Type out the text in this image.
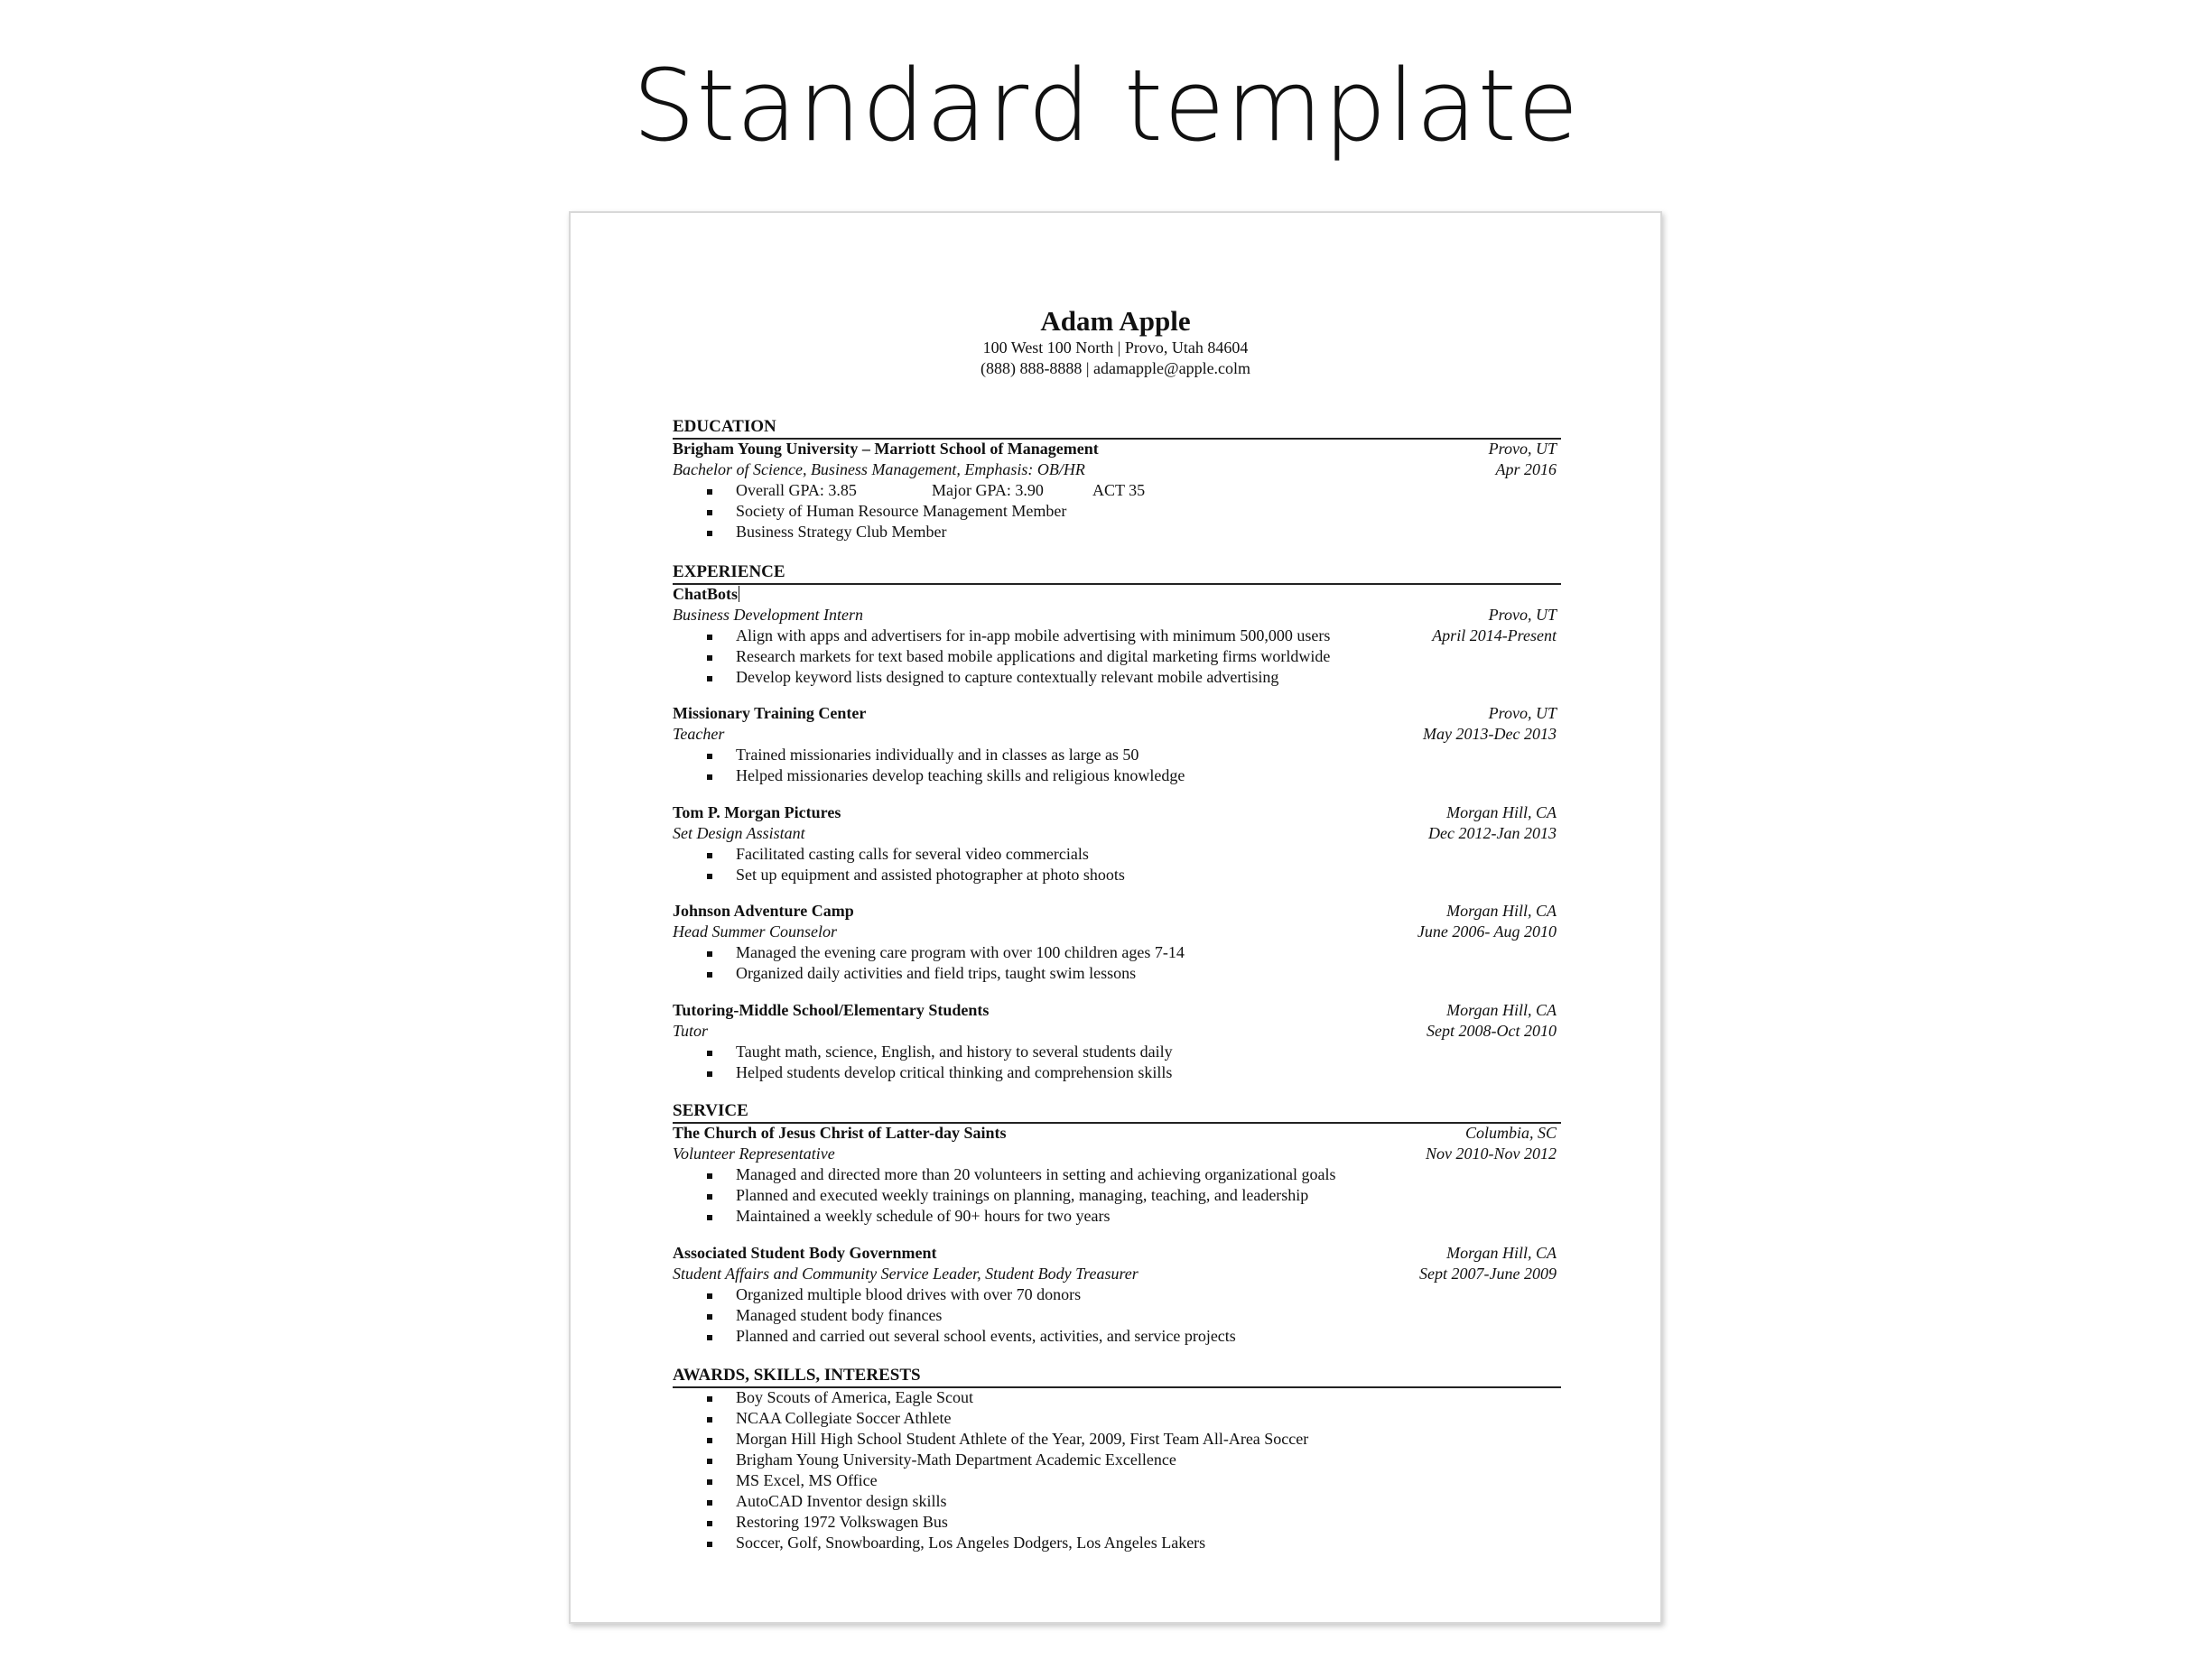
Standard template
Adam Apple
100 West 100 North | Provo, Utah 84604
(888) 888-8888 | adamapple@apple.colm
EDUCATION
Brigham Young University – Marriott School of Management	Provo, UT
Bachelor of Science, Business Management, Emphasis: OB/HR	Apr 2016
Overall GPA: 3.85	Major GPA: 3.90	ACT 35
Society of Human Resource Management Member
Business Strategy Club Member
EXPERIENCE
ChatBots
Business Development Intern	Provo, UT
Align with apps and advertisers for in-app mobile advertising with minimum 500,000 users	April 2014-Present
Research markets for text based mobile applications and digital marketing firms worldwide
Develop keyword lists designed to capture contextually relevant mobile advertising
Missionary Training Center	Provo, UT
Teacher	May 2013-Dec 2013
Trained missionaries individually and in classes as large as 50
Helped missionaries develop teaching skills and religious knowledge
Tom P. Morgan Pictures	Morgan Hill, CA
Set Design Assistant	Dec 2012-Jan 2013
Facilitated casting calls for several video commercials
Set up equipment and assisted photographer at photo shoots
Johnson Adventure Camp	Morgan Hill, CA
Head Summer Counselor	June 2006- Aug 2010
Managed the evening care program with over 100 children ages 7-14
Organized daily activities and field trips, taught swim lessons
Tutoring-Middle School/Elementary Students	Morgan Hill, CA
Tutor	Sept 2008-Oct 2010
Taught math, science, English, and history to several students daily
Helped students develop critical thinking and comprehension skills
SERVICE
The Church of Jesus Christ of Latter-day Saints	Columbia, SC
Volunteer Representative	Nov 2010-Nov 2012
Managed and directed more than 20 volunteers in setting and achieving organizational goals
Planned and executed weekly trainings on planning, managing, teaching, and leadership
Maintained a weekly schedule of 90+ hours for two years
Associated Student Body Government	Morgan Hill, CA
Student Affairs and Community Service Leader, Student Body Treasurer	Sept 2007-June 2009
Organized multiple blood drives with over 70 donors
Managed student body finances
Planned and carried out several school events, activities, and service projects
AWARDS, SKILLS, INTERESTS
Boy Scouts of America, Eagle Scout
NCAA Collegiate Soccer Athlete
Morgan Hill High School Student Athlete of the Year, 2009, First Team All-Area Soccer
Brigham Young University-Math Department Academic Excellence
MS Excel, MS Office
AutoCAD Inventor design skills
Restoring 1972 Volkswagen Bus
Soccer, Golf, Snowboarding, Los Angeles Dodgers, Los Angeles Lakers
